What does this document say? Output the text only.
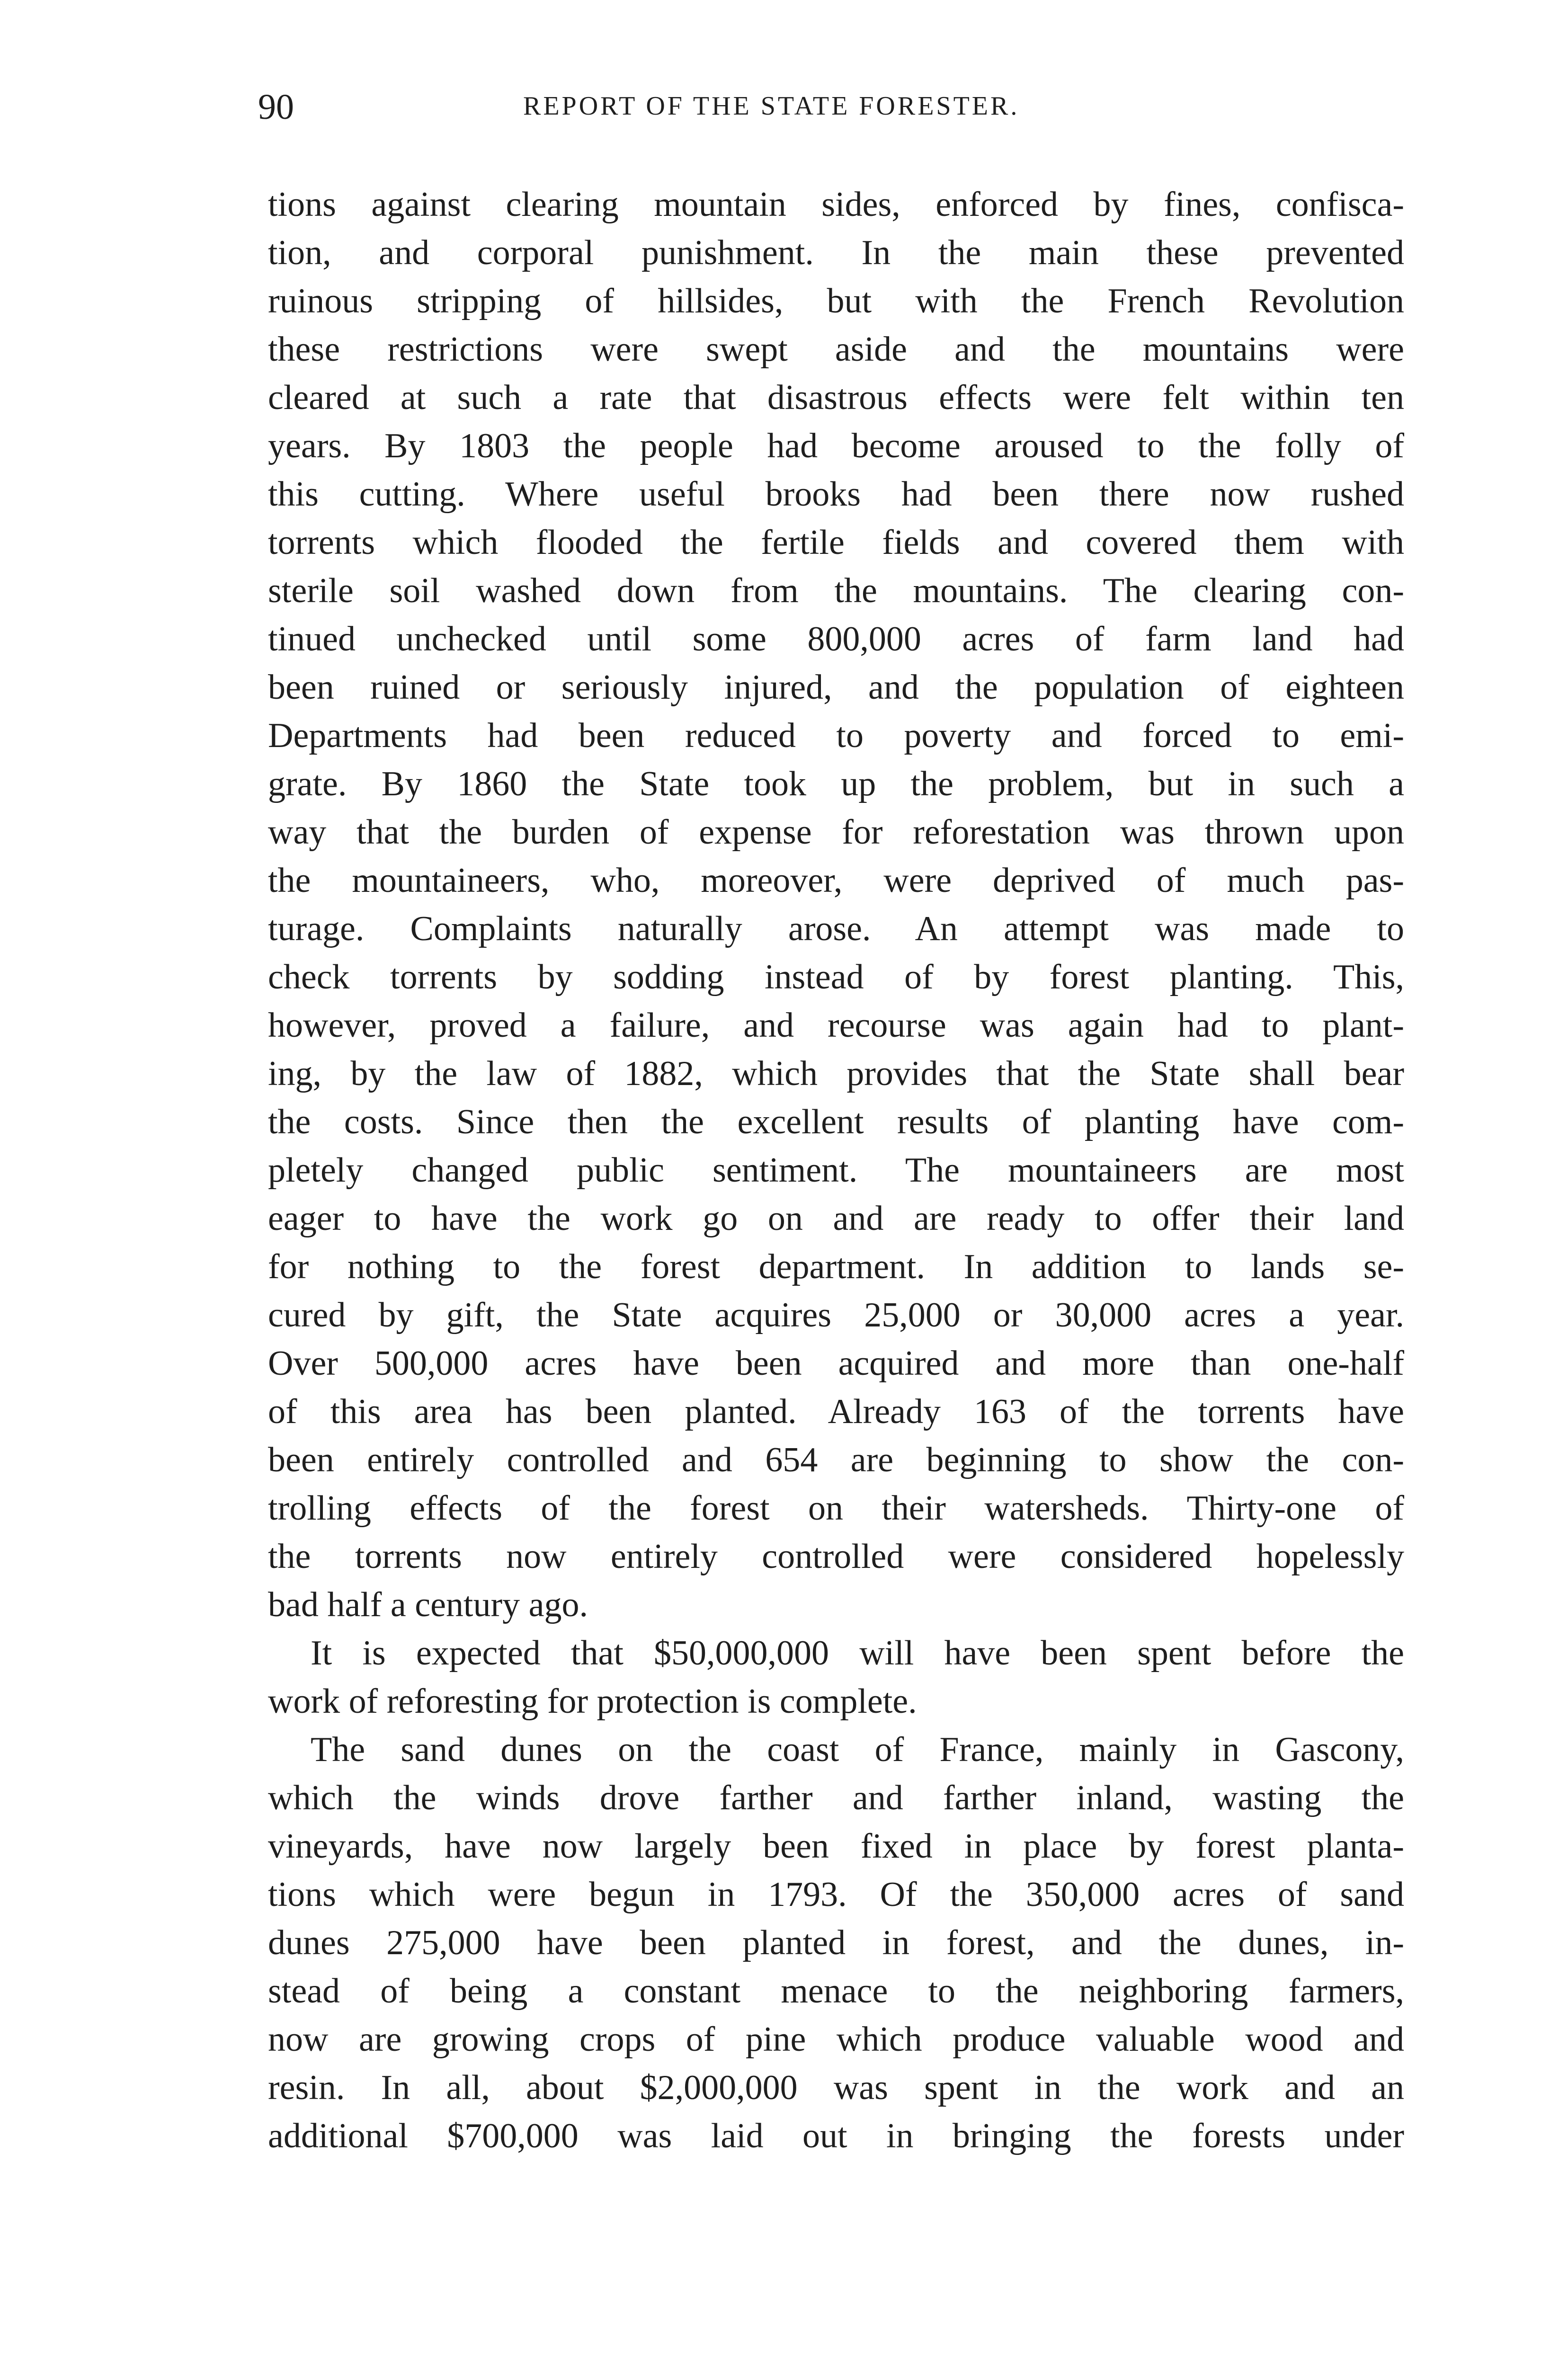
90	REPORT OF THE STATE FORESTER.
tions against clearing mountain sides, enforced by fines, confisca-
tion, and corporal punishment. In the main these prevented
ruinous stripping of hillsides, but with the French Revolution
these restrictions were swept aside and the mountains were
cleared at such a rate that disastrous effects were felt within ten
years. By 1803 the people had become aroused to the folly of
this cutting. Where useful brooks had been there now rushed
torrents which flooded the fertile fields and covered them with
sterile soil washed down from the mountains. The clearing con-
tinued unchecked until some 800,000 acres of farm land had
been ruined or seriously injured, and the population of eighteen
Departments had been reduced to poverty and forced to emi-
grate. By 1860 the State took up the problem, but in such a
way that the burden of expense for reforestation was thrown upon
the mountaineers, who, moreover, were deprived of much pas-
turage. Complaints naturally arose. An attempt was made to
check torrents by sodding instead of by forest planting. This,
however, proved a failure, and recourse was again had to plant-
ing, by the law of 1882, which provides that the State shall bear
the costs. Since then the excellent results of planting have com-
pletely changed public sentiment. The mountaineers are most
eager to have the work go on and are ready to offer their land
for nothing to the forest department. In addition to lands se-
cured by gift, the State acquires 25,000 or 30,000 acres a year.
Over 500,000 acres have been acquired and more than one-half
of this area has been planted. Already 163 of the torrents have
been entirely controlled and 654 are beginning to show the con-
trolling effects of the forest on their watersheds. Thirty-one of
the torrents now entirely controlled were considered hopelessly
bad half a century ago.
It is expected that $50,000,000 will have been spent before the
work of reforesting for protection is complete.
The sand dunes on the coast of France, mainly in Gascony,
which the winds drove farther and farther inland, wasting the
vineyards, have now largely been fixed in place by forest planta-
tions which were begun in 1793. Of the 350,000 acres of sand
dunes 275,000 have been planted in forest, and the dunes, in-
stead of being a constant menace to the neighboring farmers,
now are growing crops of pine which produce valuable wood and
resin. In all, about $2,000,000 was spent in the work and an
additional $700,000 was laid out in bringing the forests under
